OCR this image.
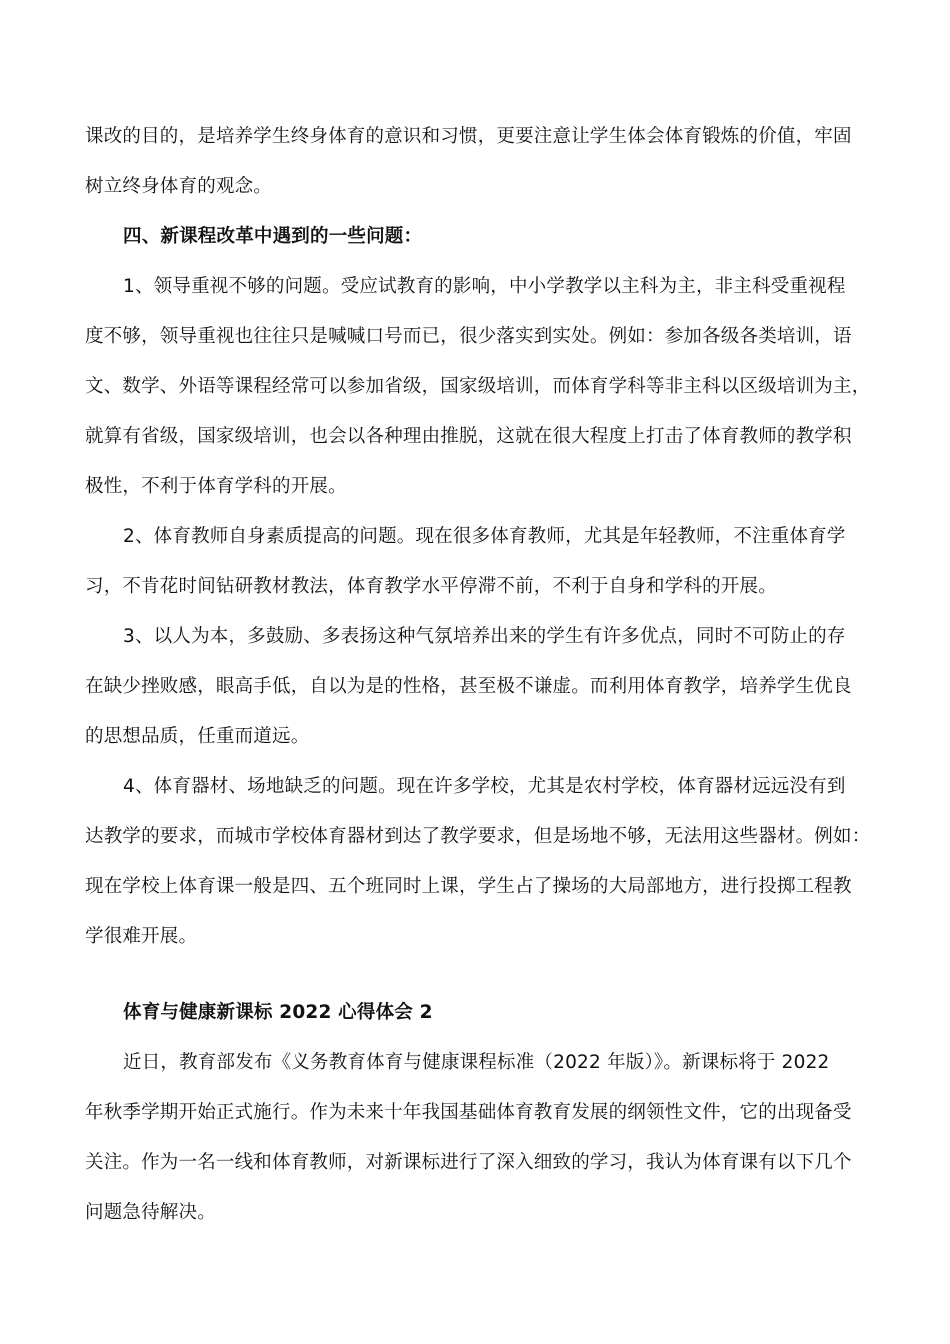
课改的目的，是培养学生终身体育的意识和习惯，更要注意让学生体会体育锻炼的价值，牢固
树立终身体育的观念。
四、新课程改革中遇到的一些问题：
1、领导重视不够的问题。受应试教育的影响，中小学教学以主科为主，非主科受重视程
度不够，领导重视也往往只是喊喊口号而已，很少落实到实处。例如：参加各级各类培训，语
文、数学、外语等课程经常可以参加省级，国家级培训，而体育学科等非主科以区级培训为主，
就算有省级，国家级培训，也会以各种理由推脱，这就在很大程度上打击了体育教师的教学积
极性，不利于体育学科的开展。
2、体育教师自身素质提高的问题。现在很多体育教师，尤其是年轻教师，不注重体育学
习，不肯花时间钻研教材教法，体育教学水平停滞不前，不利于自身和学科的开展。
3、以人为本，多鼓励、多表扬这种气氛培养出来的学生有许多优点，同时不可防止的存
在缺少挫败感，眼高手低，自以为是的性格，甚至极不谦虚。而利用体育教学，培养学生优良
的思想品质，任重而道远。
4、体育器材、场地缺乏的问题。现在许多学校，尤其是农村学校，体育器材远远没有到
达教学的要求，而城市学校体育器材到达了教学要求，但是场地不够，无法用这些器材。例如：
现在学校上体育课一般是四、五个班同时上课，学生占了操场的大局部地方，进行投掷工程教
学很难开展。
体育与健康新课标 2022 心得体会 2
近日，教育部发布《义务教育体育与健康课程标准（2022 年版）》。新课标将于 2022
年秋季学期开始正式施行。作为未来十年我国基础体育教育发展的纲领性文件，它的出现备受
关注。作为一名一线和体育教师，对新课标进行了深入细致的学习，我认为体育课有以下几个
问题急待解决。
